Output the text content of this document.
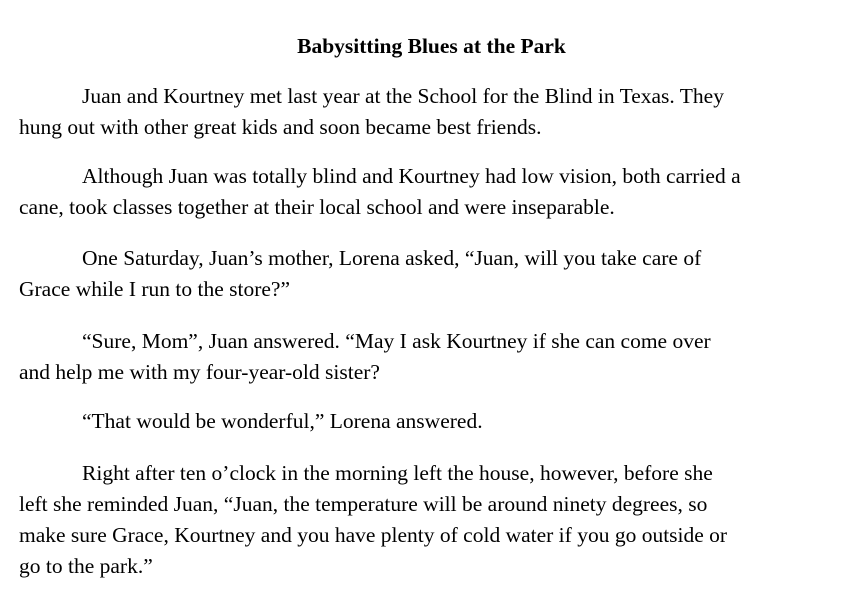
Babysitting Blues at the Park
Juan and Kourtney met last year at the School for the Blind in Texas. They
hung out with other great kids and soon became best friends.
Although Juan was totally blind and Kourtney had low vision, both carried a
cane, took classes together at their local school and were inseparable.
One Saturday, Juan’s mother, Lorena asked, “Juan, will you take care of
Grace while I run to the store?”
“Sure, Mom”, Juan answered. “May I ask Kourtney if she can come over
and help me with my four-year-old sister?
“That would be wonderful,” Lorena answered.
Right after ten o’clock in the morning left the house, however, before she
left she reminded Juan, “Juan, the temperature will be around ninety degrees, so
make sure Grace, Kourtney and you have plenty of cold water if you go outside or
go to the park.”
